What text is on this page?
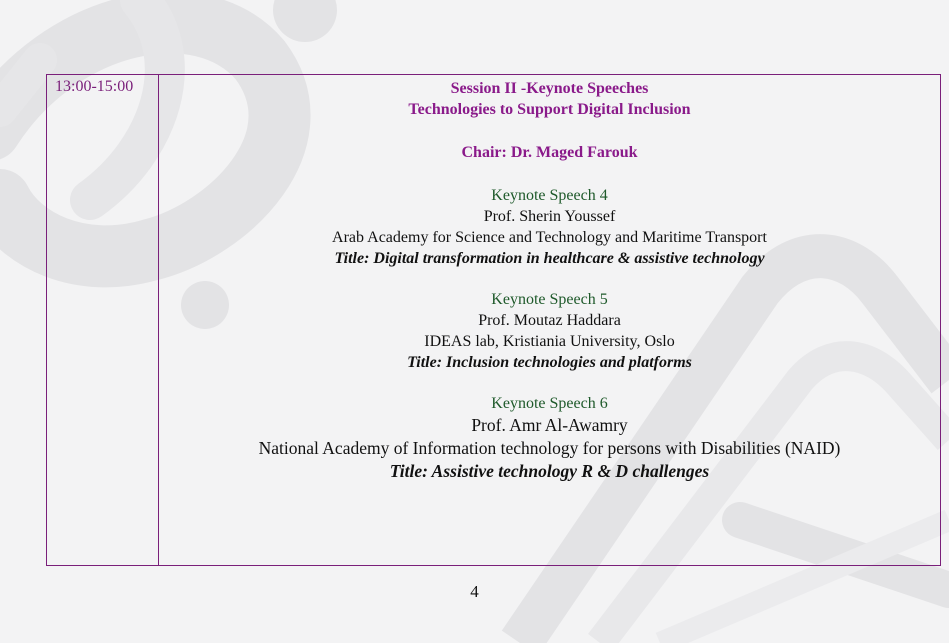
13:00-15:00	Session II -Keynote Speeches
Technologies to Support Digital Inclusion
Chair: Dr. Maged Farouk
Keynote Speech 4
Prof. Sherin Youssef
Arab Academy for Science and Technology and Maritime Transport
Title: Digital transformation in healthcare & assistive technology
Keynote Speech 5
Prof. Moutaz Haddara
IDEAS lab, Kristiania University, Oslo
Title: Inclusion technologies and platforms
Keynote Speech 6
Prof. Amr Al-Awamry
National Academy of Information technology for persons with Disabilities (NAID)
Title: Assistive technology R & D challenges
4
